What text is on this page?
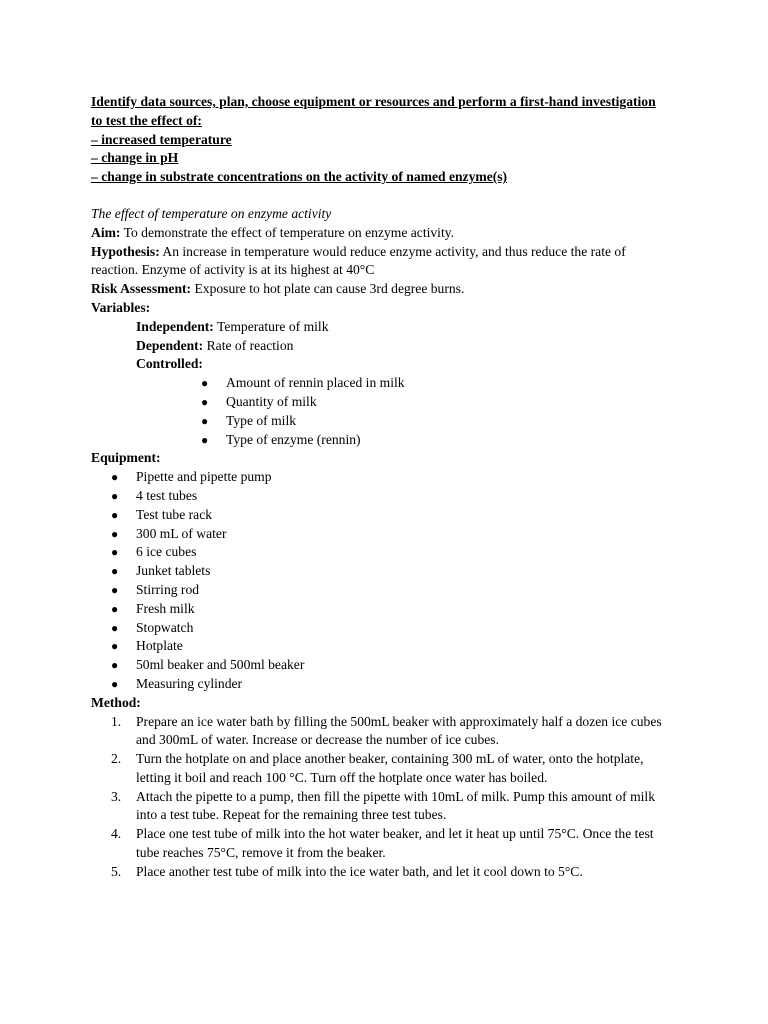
Identify data sources, plan, choose equipment or resources and perform a first-hand investigation

to test the effect of:

– increased temperature

– change in pH

– change in substrate concentrations on the activity of named enzyme(s)

The effect of temperature on enzyme activity

Aim: To demonstrate the effect of temperature on enzyme activity.

Hypothesis: An increase in temperature would reduce enzyme activity, and thus reduce the rate of

reaction. Enzyme of activity is at its highest at 40°C

Risk Assessment: Exposure to hot plate can cause 3rd degree burns.

Variables:

Independent: Temperature of milk

Dependent: Rate of reaction

Controlled:

● Amount of rennin placed in milk
● Quantity of milk
● Type of milk
● Type of enzyme (rennin)

Equipment:

● Pipette and pipette pump
● 4 test tubes
● Test tube rack
● 300 mL of water
● 6 ice cubes
● Junket tablets
● Stirring rod
● Fresh milk
● Stopwatch
● Hotplate
● 50ml beaker and 500ml beaker
● Measuring cylinder

Method:

1. Prepare an ice water bath by filling the 500mL beaker with approximately half a dozen ice cubes
and 300mL of water. Increase or decrease the number of ice cubes.
2. Turn the hotplate on and place another beaker, containing 300 mL of water, onto the hotplate,
letting it boil and reach 100 °C. Turn off the hotplate once water has boiled.
3. Attach the pipette to a pump, then fill the pipette with 10mL of milk. Pump this amount of milk
into a test tube. Repeat for the remaining three test tubes.
4. Place one test tube of milk into the hot water beaker, and let it heat up until 75°C. Once the test
tube reaches 75°C, remove it from the beaker.
5. Place another test tube of milk into the ice water bath, and let it cool down to 5°C.
